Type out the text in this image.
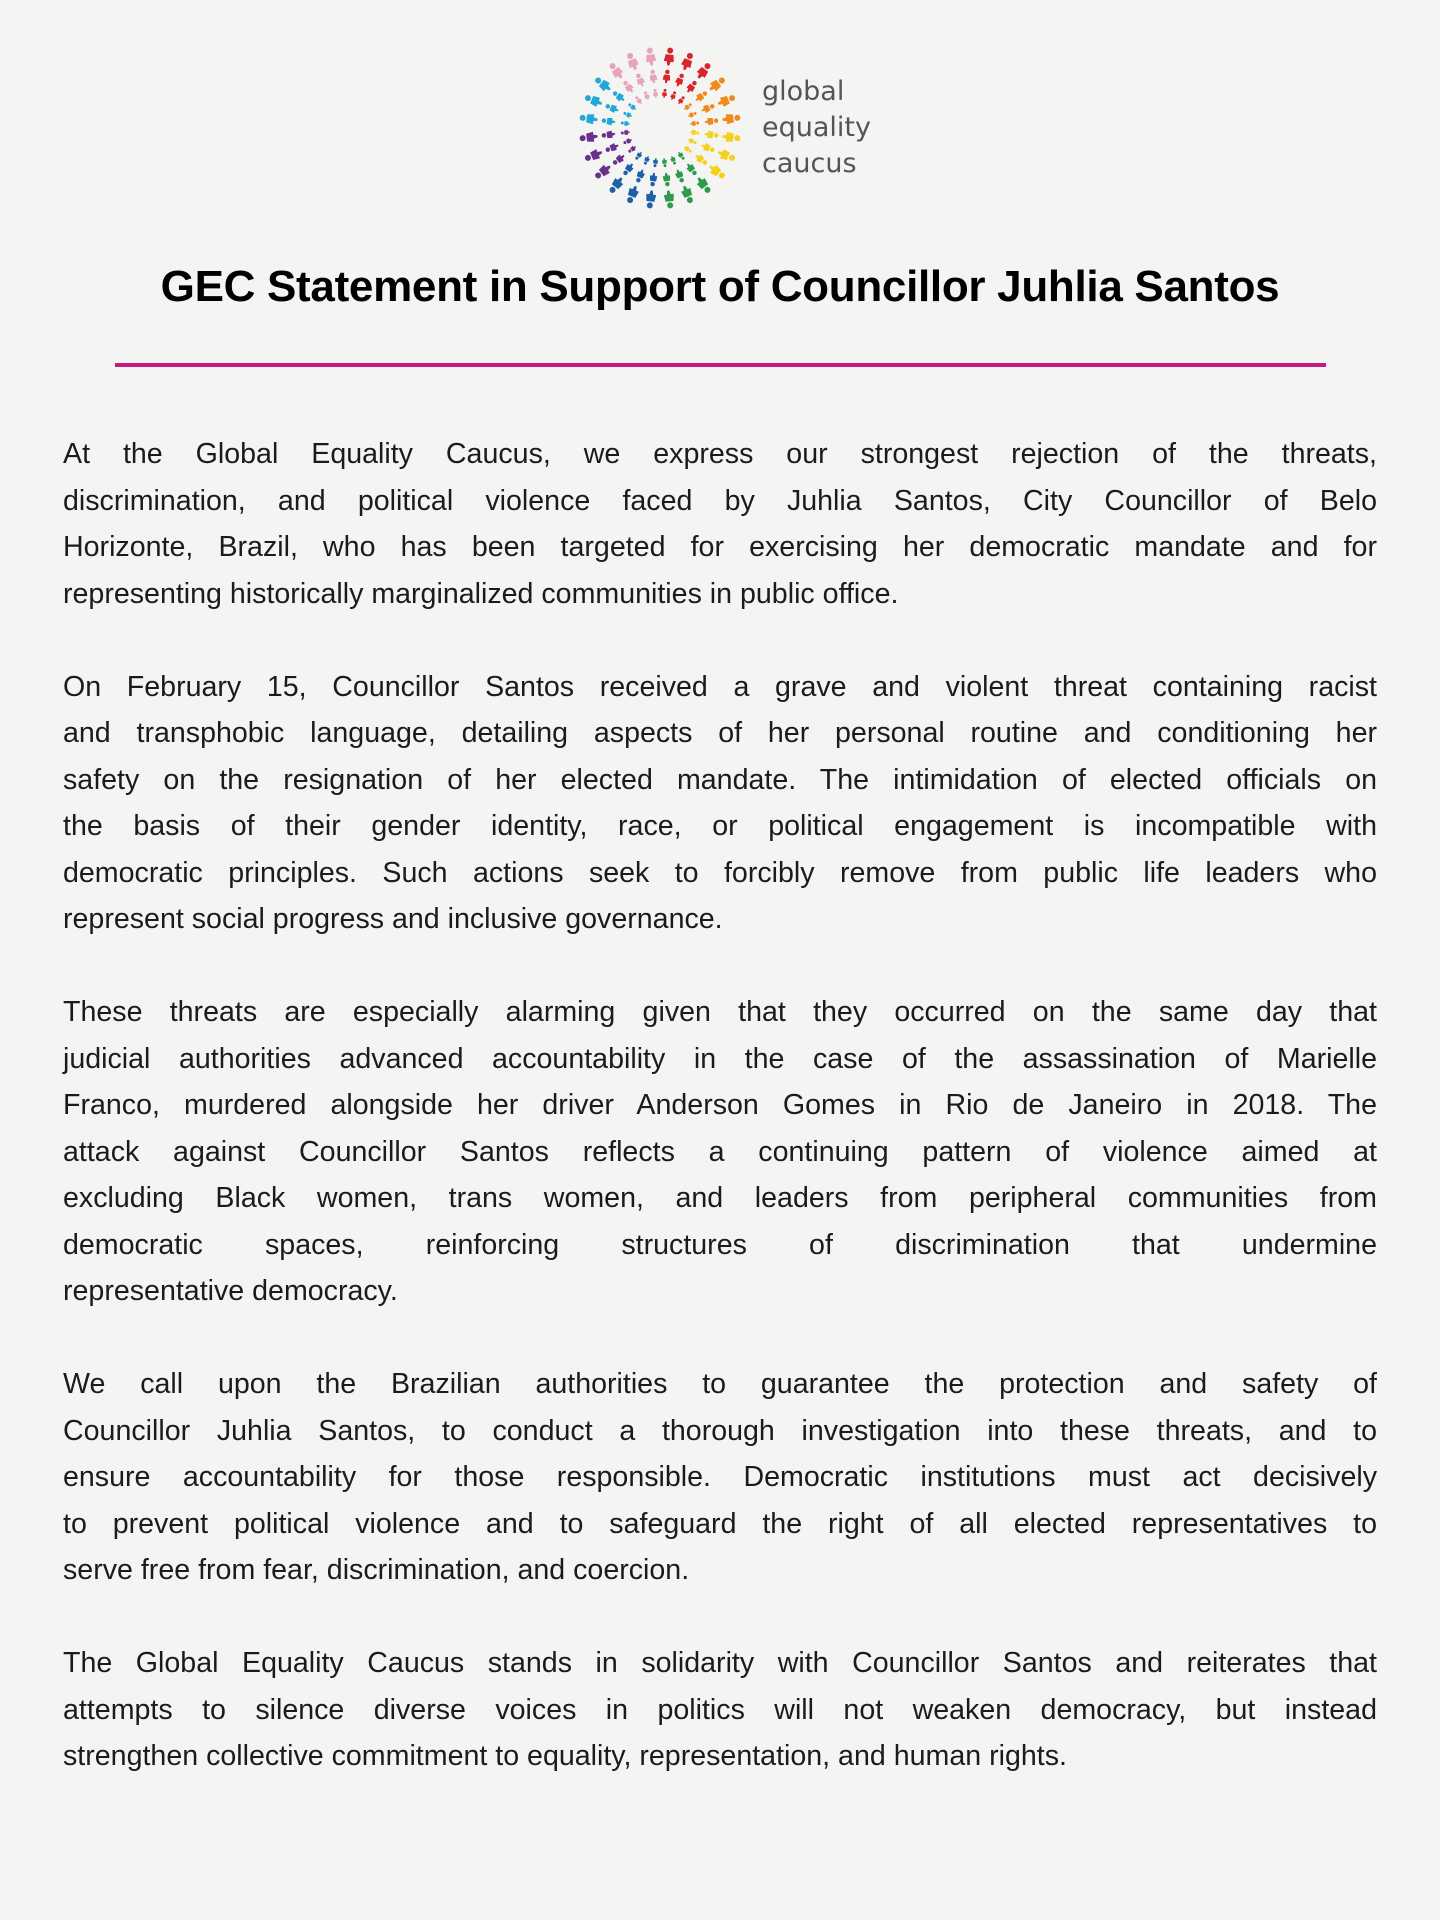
global
equality
caucus
GEC Statement in Support of Councillor Juhlia Santos
At the Global Equality Caucus, we express our strongest rejection of the threats,
discrimination, and political violence faced by Juhlia Santos, City Councillor of Belo
Horizonte, Brazil, who has been targeted for exercising her democratic mandate and for
representing historically marginalized communities in public office.
On February 15, Councillor Santos received a grave and violent threat containing racist
and transphobic language, detailing aspects of her personal routine and conditioning her
safety on the resignation of her elected mandate. The intimidation of elected officials on
the basis of their gender identity, race, or political engagement is incompatible with
democratic principles. Such actions seek to forcibly remove from public life leaders who
represent social progress and inclusive governance.
These threats are especially alarming given that they occurred on the same day that
judicial authorities advanced accountability in the case of the assassination of Marielle
Franco, murdered alongside her driver Anderson Gomes in Rio de Janeiro in 2018. The
attack against Councillor Santos reflects a continuing pattern of violence aimed at
excluding Black women, trans women, and leaders from peripheral communities from
democratic spaces, reinforcing structures of discrimination that undermine
representative democracy.
We call upon the Brazilian authorities to guarantee the protection and safety of
Councillor Juhlia Santos, to conduct a thorough investigation into these threats, and to
ensure accountability for those responsible. Democratic institutions must act decisively
to prevent political violence and to safeguard the right of all elected representatives to
serve free from fear, discrimination, and coercion.
The Global Equality Caucus stands in solidarity with Councillor Santos and reiterates that
attempts to silence diverse voices in politics will not weaken democracy, but instead
strengthen collective commitment to equality, representation, and human rights.
